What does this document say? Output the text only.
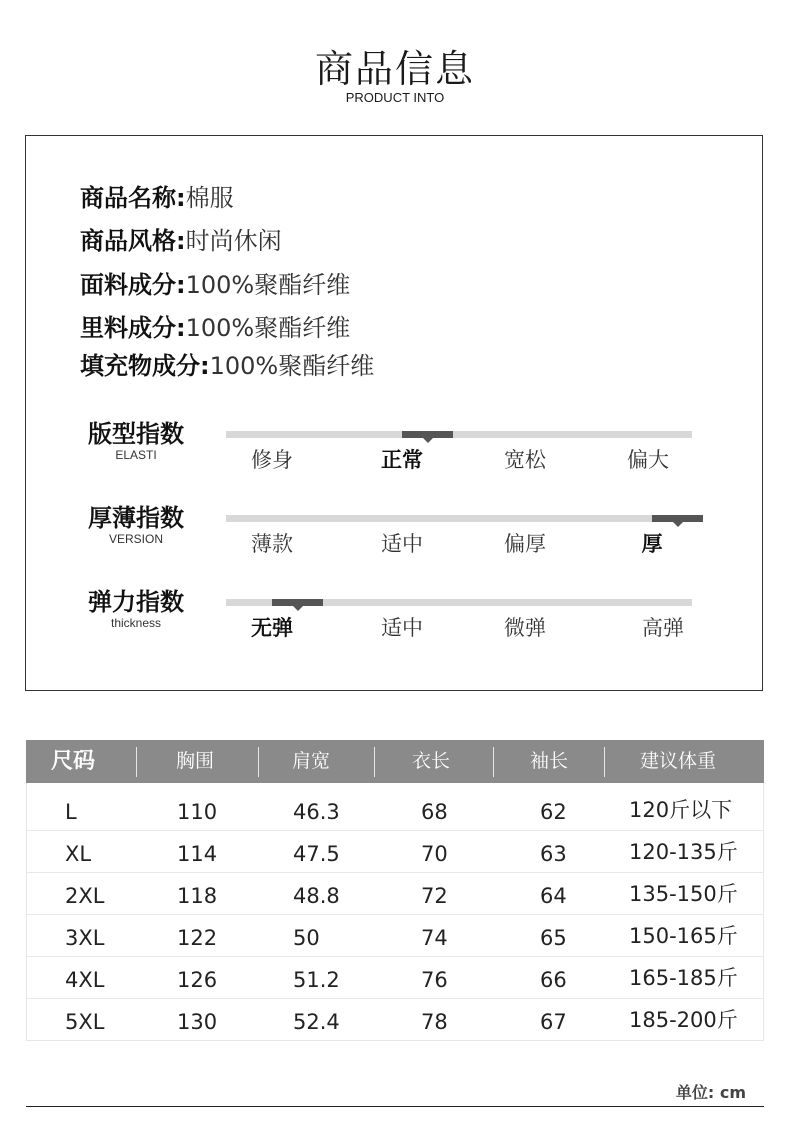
商品信息
PRODUCT INTO
商品名称:棉服
商品风格:时尚休闲
面料成分:100%聚酯纤维
里料成分:100%聚酯纤维
填充物成分:100%聚酯纤维
版型指数
ELASTI	修身	正常	宽松	偏大
厚薄指数
VERSION	薄款	适中	偏厚	厚
弹力指数
thickness	无弹	适中	微弹	高弹
尺码	胸围	肩宽	衣长	袖长	建议体重
L	110	46.3	68	62	120斤以下
XL	114	47.5	70	63	120-135斤
2XL	118	48.8	72	64	135-150斤
3XL	122	50	74	65	150-165斤
4XL	126	51.2	76	66	165-185斤
5XL	130	52.4	78	67	185-200斤
单位: cm
